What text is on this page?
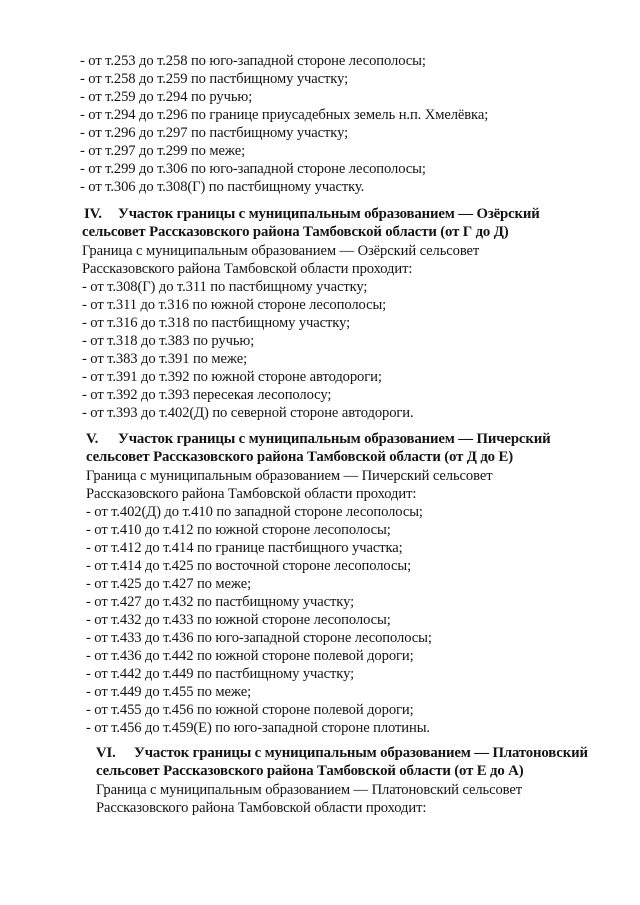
- от т.253 до т.258 по юго-западной стороне лесополосы;
- от т.258 до т.259 по пастбищному участку;
- от т.259 до т.294 по ручью;
- от т.294 до т.296 по границе приусадебных земель н.п. Хмелёвка;
- от т.296 до т.297 по пастбищному участку;
- от т.297 до т.299 по меже;
- от т.299 до т.306 по юго-западной стороне лесополосы;
- от т.306 до т.308(Г) по пастбищному участку.
IV. Участок границы с муниципальным образованием — Озёрский
сельсовет Рассказовского района Тамбовской области (от Г до Д)
Граница с муниципальным образованием — Озёрский сельсовет
Рассказовского района Тамбовской области проходит:
- от т.308(Г) до т.311 по пастбищному участку;
- от т.311 до т.316 по южной стороне лесополосы;
- от т.316 до т.318 по пастбищному участку;
- от т.318 до т.383 по ручью;
- от т.383 до т.391 по меже;
- от т.391 до т.392 по южной стороне автодороги;
- от т.392 до т.393 пересекая лесополосу;
- от т.393 до т.402(Д) по северной стороне автодороги.
V. Участок границы с муниципальным образованием — Пичерский
сельсовет Рассказовского района Тамбовской области (от Д до Е)
Граница с муниципальным образованием — Пичерский сельсовет
Рассказовского района Тамбовской области проходит:
- от т.402(Д) до т.410 по западной стороне лесополосы;
- от т.410 до т.412 по южной стороне лесополосы;
- от т.412 до т.414 по границе пастбищного участка;
- от т.414 до т.425 по восточной стороне лесополосы;
- от т.425 до т.427 по меже;
- от т.427 до т.432 по пастбищному участку;
- от т.432 до т.433 по южной стороне лесополосы;
- от т.433 до т.436 по юго-западной стороне лесополосы;
- от т.436 до т.442 по южной стороне полевой дороги;
- от т.442 до т.449 по пастбищному участку;
- от т.449 до т.455 по меже;
- от т.455 до т.456 по южной стороне полевой дороги;
- от т.456 до т.459(Е) по юго-западной стороне плотины.
VI. Участок границы с муниципальным образованием — Платоновский
сельсовет Рассказовского района Тамбовской области (от Е до А)
Граница с муниципальным образованием — Платоновский сельсовет
Рассказовского района Тамбовской области проходит:
